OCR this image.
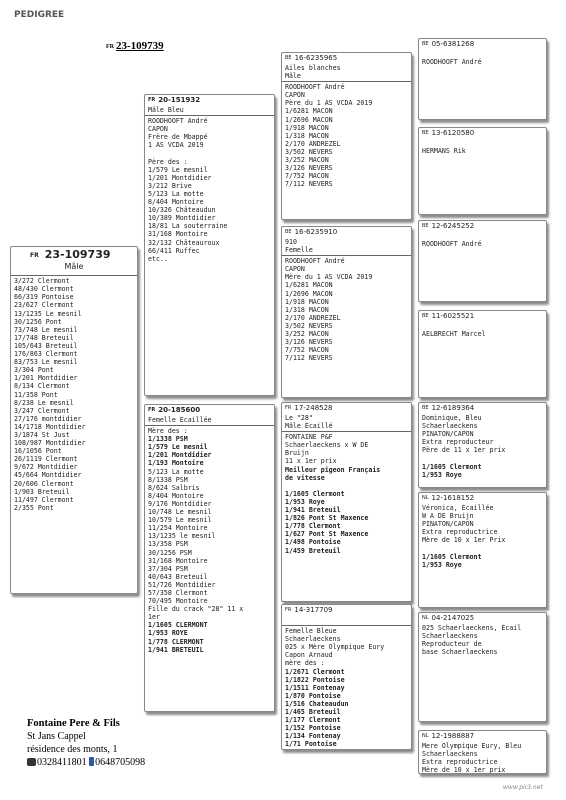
PEDIGREE
FR 23-109739
FR 23-109739
Mâle
3/272 Clermont
48/430 Clermont
66/319 Pontoise
23/627 Clermont
13/1235 Le mesnil
30/1256 Pont
73/748 Le mesnil
17/748 Breteuil
105/643 Breteuil
176/863 Clermont
83/753 Le mesnil
3/304 Pont
1/201 Montdidier
8/134 Clermont
11/358 Pont
8/238 Le mesnil
3/247 Clermont
27/176 montdidier
14/1718 Montdidier
3/1874 St Just
108/987 Montdidier
16/1056 Pont
26/1119 Clermont
9/672 Montdidier
45/664 Montdidier
20/606 Clermont
1/903 Breteuil
11/497 Clermont
2/355 Pont
FR 20-151932
Mâle Bleu
ROODHOOFT André
CAPON
Frère de Mbappé
1 AS VCDA 2019

Père des :
1/579 Le mesnil
1/201 Montdidier
3/212 Brive
5/123 La motte
8/404 Montoire
10/326 Châteaudun
10/389 Montdidier
18/81 La souterraine
31/168 Montoire
32/132 Châteauroux
66/411 Ruffec
etc..
FR 20-185600
Femelle Écaillée
Mère des :
1/1338 PSM
1/579 Le mesnil
1/201 Montdidier
1/193 Montoire
5/123 La motte
8/1338 PSM
8/624 Salbris
8/404 Montoire
9/176 Montdidier
10/748 Le mesnil
10/579 Le mesnil
11/254 Montoire
13/1235 le mesnil
13/358 PSM
30/1256 PSM
31/168 Montoire
37/304 PSM
40/643 Breteuil
51/726 Montdidier
57/358 Clermont
70/495 Montoire
Fille du crack "28" 11 x
1er
1/1605 CLERMONT
1/953 ROYE
1/778 CLERMONT
1/941 BRETEUIL
BE 16-6235965
Ailes blanches
Mâle
ROODHOOFT André
CAPON
Père du 1 AS VCDA 2019
1/6281 MACON
1/2696 MACON
1/918 MACON
1/318 MACON
2/170 ANDREZEL
3/502 NEVERS
3/252 MACON
3/126 NEVERS
7/752 MACON
7/112 NEVERS
BE 16-6235910
910
Femelle
ROODHOOFT André
CAPON
Mère du 1 AS VCDA 2019
1/6281 MACON
1/2696 MACON
1/918 MACON
1/318 MACON
2/170 ANDREZEL
3/502 NEVERS
3/252 MACON
3/126 NEVERS
7/752 MACON
7/112 NEVERS
FR 17-248528
Le "28"
Mâle Écaillé
FONTAINE P&F
Schaerlaeckens x W DE
Bruijn
11 x 1er prix
Meilleur pigeon Français
de vitesse

1/1605 Clermont
1/953 Roye
1/941 Breteuil
1/826 Pont St Maxence
1/778 Clermont
1/627 Pont St Maxence
1/498 Pontoise
1/459 Breteuil
FR 14-317709

Femelle Bleue
Schaerlaeckens
025 x Mère Olympique Eury
Capon Arnaud
mère des :
1/2671 Clermont
1/1822 Pontoise
1/1511 Fontenay
1/870 Pontoise
1/516 Chateaudun
1/465 Breteuil
1/177 Clermont
1/152 Pontoise
1/134 Fontenay
1/71 Pontoise
BE 05-6381268

ROODHOOFT André
BE 13-6120580

HERMANS Rik
BE 12-6245252

ROODHOOFT André
BE 11-6025521

AELBRECHT Marcel
BE 12-6189364
Dominique, Bleu
Schaerlaeckens
PINATON/CAPON
Extra reproducteur
Père de 11 x 1er prix

1/1605 Clermont
1/953 Roye
NL 12-1618152
Véronica, Écaillée
W A DE Bruijn
PINATON/CAPON
Extra reproductrice
Mère de 10 x 1er Prix

1/1605 Clermont
1/953 Roye
NL 04-2147025
025 Schaerlaeckens, Écail
Schaerlaeckens
Reproducteur de
base Schaerlaeckens
NL 12-1988887
Mere Olympique Eury, Bleu
Schaerlaeckens
Extra reproductrice
Mère de 10 x 1er prix
Fontaine Pere & Fils
St Jans Cappel
résidence des monts, 1
0328411801 0648705098
www.pir3.net
